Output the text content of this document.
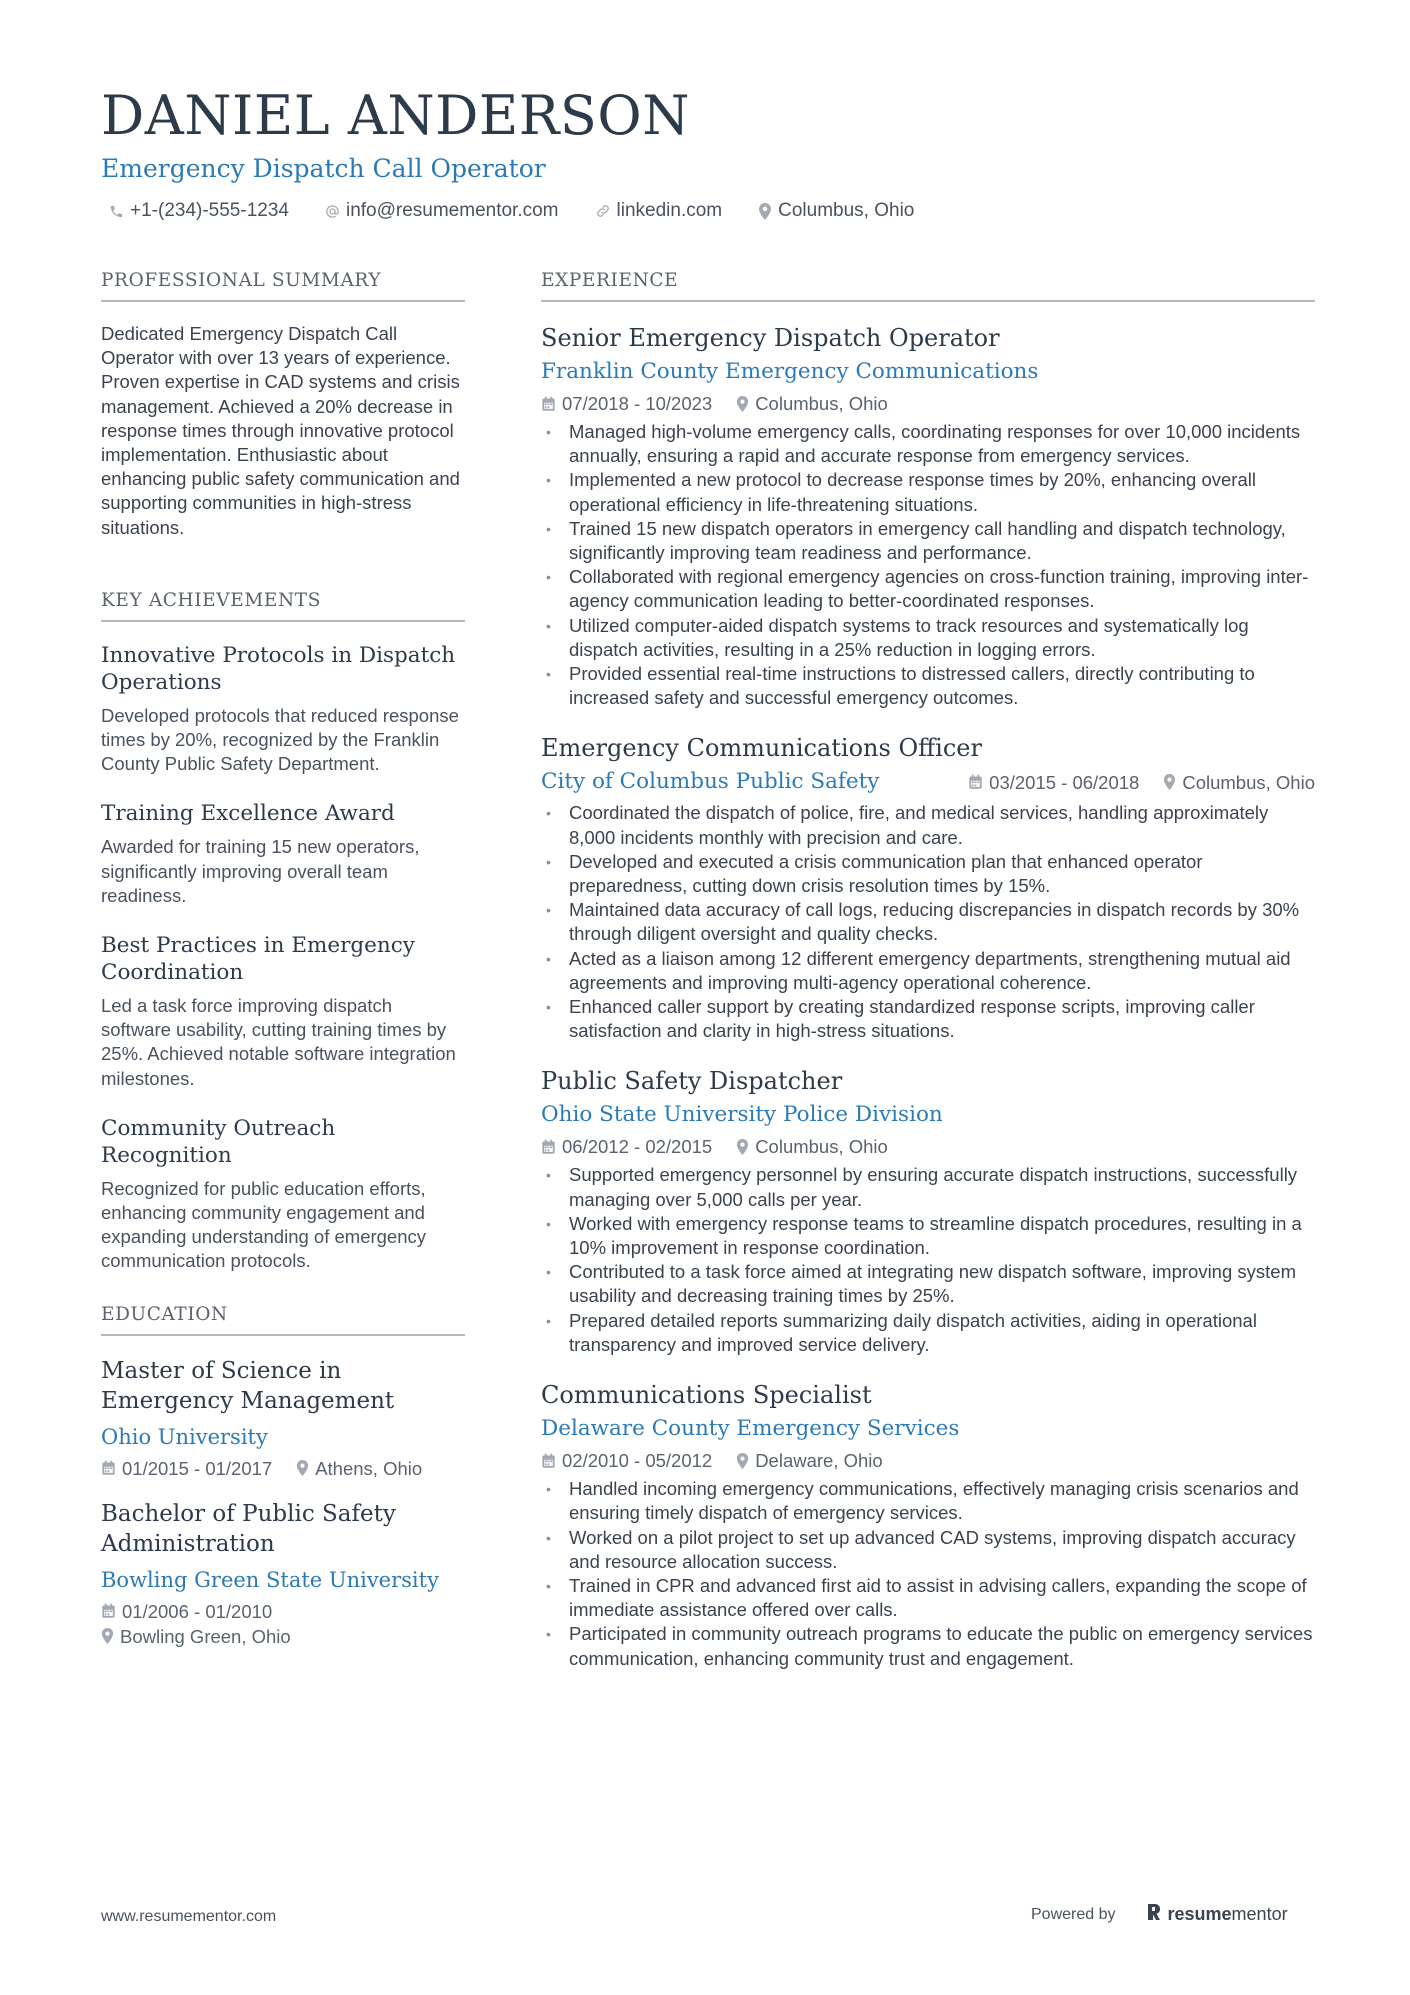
DANIEL ANDERSON
Emergency Dispatch Call Operator
+1-(234)-555-1234	info@resumementor.com	linkedin.com	Columbus, Ohio
PROFESSIONAL SUMMARY
Dedicated Emergency Dispatch Call Operator with over 13 years of experience. Proven expertise in CAD systems and crisis management. Achieved a 20% decrease in response times through innovative protocol implementation. Enthusiastic about enhancing public safety communication and supporting communities in high-stress situations.
KEY ACHIEVEMENTS
Innovative Protocols in Dispatch Operations
Developed protocols that reduced response times by 20%, recognized by the Franklin County Public Safety Department.
Training Excellence Award
Awarded for training 15 new operators, significantly improving overall team readiness.
Best Practices in Emergency Coordination
Led a task force improving dispatch software usability, cutting training times by 25%. Achieved notable software integration milestones.
Community Outreach Recognition
Recognized for public education efforts, enhancing community engagement and expanding understanding of emergency communication protocols.
EDUCATION
Master of Science in Emergency Management
Ohio University
01/2015 - 01/2017 Athens, Ohio
Bachelor of Public Safety Administration
Bowling Green State University
01/2006 - 01/2010
Bowling Green, Ohio
EXPERIENCE
Senior Emergency Dispatch Operator
Franklin County Emergency Communications
07/2018 - 10/2023 Columbus, Ohio
• Managed high-volume emergency calls, coordinating responses for over 10,000 incidents annually, ensuring a rapid and accurate response from emergency services.
• Implemented a new protocol to decrease response times by 20%, enhancing overall operational efficiency in life-threatening situations.
• Trained 15 new dispatch operators in emergency call handling and dispatch technology, significantly improving team readiness and performance.
• Collaborated with regional emergency agencies on cross-function training, improving inter-agency communication leading to better-coordinated responses.
• Utilized computer-aided dispatch systems to track resources and systematically log dispatch activities, resulting in a 25% reduction in logging errors.
• Provided essential real-time instructions to distressed callers, directly contributing to increased safety and successful emergency outcomes.
Emergency Communications Officer
City of Columbus Public Safety	03/2015 - 06/2018 Columbus, Ohio
• Coordinated the dispatch of police, fire, and medical services, handling approximately 8,000 incidents monthly with precision and care.
• Developed and executed a crisis communication plan that enhanced operator preparedness, cutting down crisis resolution times by 15%.
• Maintained data accuracy of call logs, reducing discrepancies in dispatch records by 30% through diligent oversight and quality checks.
• Acted as a liaison among 12 different emergency departments, strengthening mutual aid agreements and improving multi-agency operational coherence.
• Enhanced caller support by creating standardized response scripts, improving caller satisfaction and clarity in high-stress situations.
Public Safety Dispatcher
Ohio State University Police Division
06/2012 - 02/2015 Columbus, Ohio
• Supported emergency personnel by ensuring accurate dispatch instructions, successfully managing over 5,000 calls per year.
• Worked with emergency response teams to streamline dispatch procedures, resulting in a 10% improvement in response coordination.
• Contributed to a task force aimed at integrating new dispatch software, improving system usability and decreasing training times by 25%.
• Prepared detailed reports summarizing daily dispatch activities, aiding in operational transparency and improved service delivery.
Communications Specialist
Delaware County Emergency Services
02/2010 - 05/2012 Delaware, Ohio
• Handled incoming emergency communications, effectively managing crisis scenarios and ensuring timely dispatch of emergency services.
• Worked on a pilot project to set up advanced CAD systems, improving dispatch accuracy and resource allocation success.
• Trained in CPR and advanced first aid to assist in advising callers, expanding the scope of immediate assistance offered over calls.
• Participated in community outreach programs to educate the public on emergency services communication, enhancing community trust and engagement.
www.resumementor.com	Powered by	resume mentor
